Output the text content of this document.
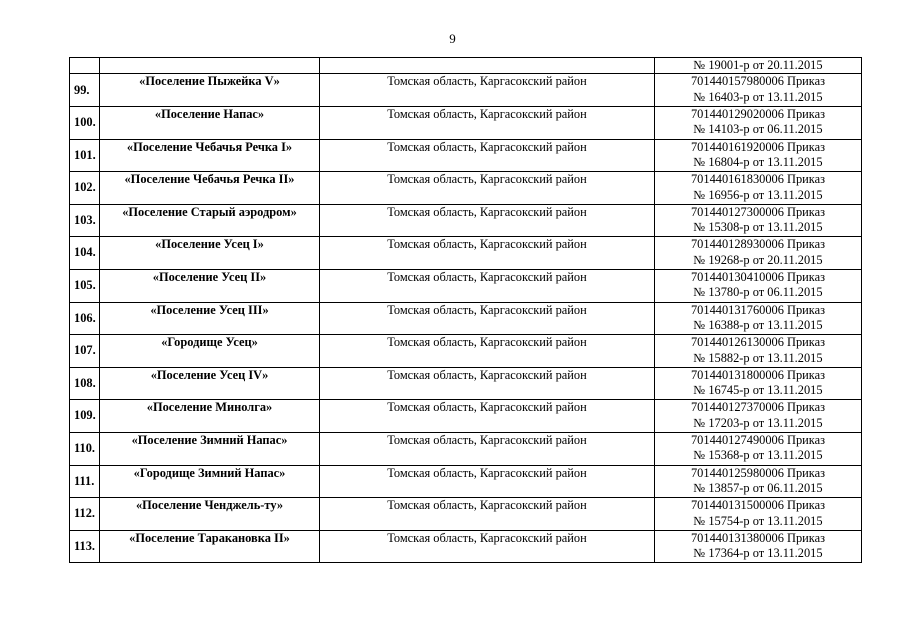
9

			№ 19001-р от 20.11.2015

99.	«Поселение Пыжейка V»	Томская область, Каргасокский район	701440157980006 Приказ
№ 16403-р от 13.11.2015

100.	«Поселение Напас»	Томская область, Каргасокский район	701440129020006 Приказ
№ 14103-р от 06.11.2015

101.	«Поселение Чебачья Речка I»	Томская область, Каргасокский район	701440161920006 Приказ
№ 16804-р от 13.11.2015

102.	«Поселение Чебачья Речка II»	Томская область, Каргасокский район	701440161830006 Приказ
№ 16956-р от 13.11.2015

103.	«Поселение Старый аэродром»	Томская область, Каргасокский район	701440127300006 Приказ
№ 15308-р от 13.11.2015

104.	«Поселение Усец I»	Томская область, Каргасокский район	701440128930006 Приказ
№ 19268-р от 20.11.2015

105.	«Поселение Усец II»	Томская область, Каргасокский район	701440130410006 Приказ
№ 13780-р от 06.11.2015

106.	«Поселение Усец III»	Томская область, Каргасокский район	701440131760006 Приказ
№ 16388-р от 13.11.2015

107.	«Городище Усец»	Томская область, Каргасокский район	701440126130006 Приказ
№ 15882-р от 13.11.2015

108.	«Поселение Усец IV»	Томская область, Каргасокский район	701440131800006 Приказ
№ 16745-р от 13.11.2015

109.	«Поселение Минолга»	Томская область, Каргасокский район	701440127370006 Приказ
№ 17203-р от 13.11.2015

110.	«Поселение Зимний Напас»	Томская область, Каргасокский район	701440127490006 Приказ
№ 15368-р от 13.11.2015

111.	«Городище Зимний Напас»	Томская область, Каргасокский район	701440125980006 Приказ
№ 13857-р от 06.11.2015

112.	«Поселение Ченджель-ту»	Томская область, Каргасокский район	701440131500006 Приказ
№ 15754-р от 13.11.2015

113.	«Поселение Таракановка II»	Томская область, Каргасокский район	701440131380006 Приказ
№ 17364-р от 13.11.2015
